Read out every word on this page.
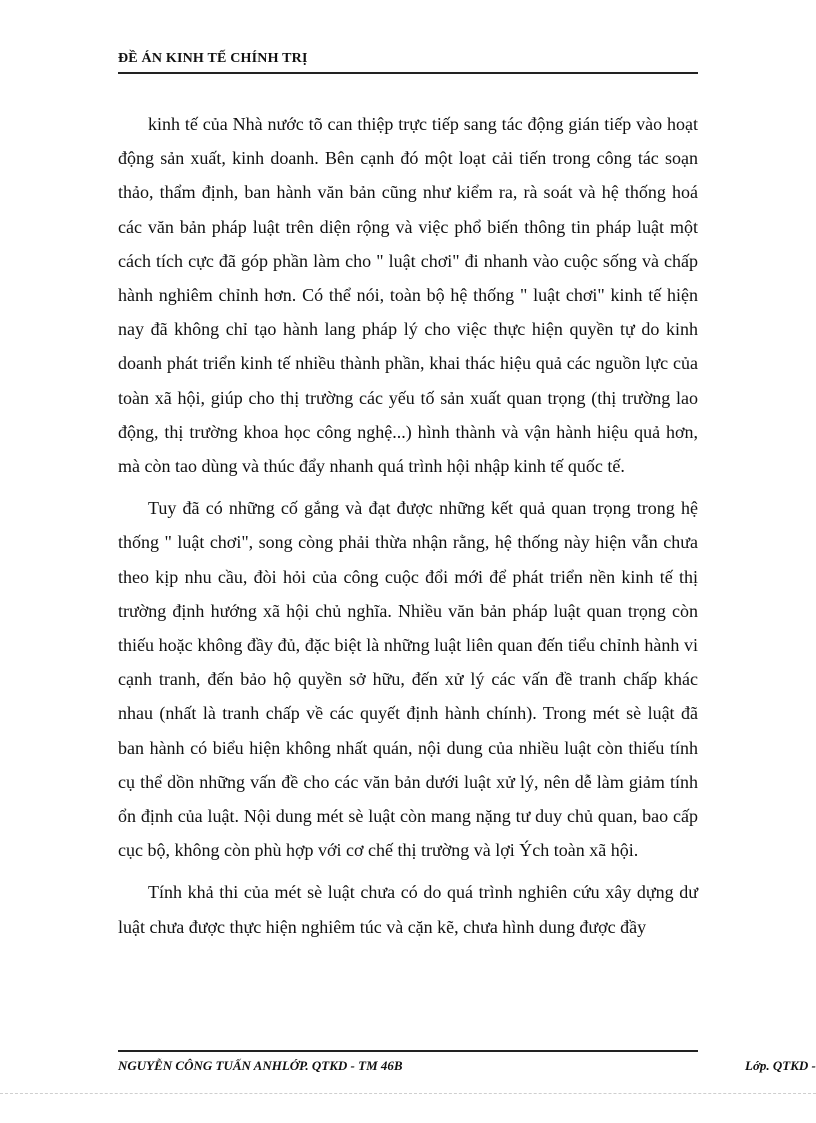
ĐỀ ÁN KINH TẾ CHÍNH TRỊ

kinh tế của Nhà nước tõ can thiệp trực tiếp sang tác động gián tiếp vào hoạt động sản xuất, kinh doanh. Bên cạnh đó một loạt cải tiến trong công tác soạn thảo, thẩm định, ban hành văn bản cũng như kiểm ra, rà soát và hệ thống hoá các văn bản pháp luật trên diện rộng và việc phổ biến thông tin pháp luật một cách tích cực đã góp phần làm cho " luật chơi" đi nhanh vào cuộc sống và chấp hành nghiêm chỉnh hơn. Có thể nói, toàn bộ hệ thống " luật chơi" kinh tế hiện nay đã không chỉ tạo hành lang pháp lý cho việc thực hiện quyền tự do kinh doanh phát triển kinh tế nhiều thành phần, khai thác hiệu quả các nguồn lực của toàn xã hội, giúp cho thị trường các yếu tố sản xuất quan trọng (thị trường lao động, thị trường khoa học công nghệ...) hình thành và vận hành hiệu quả hơn, mà còn tao dùng và thúc đẩy nhanh quá trình hội nhập kinh tế quốc tế.

Tuy đã có những cố gắng và đạt được những kết quả quan trọng trong hệ thống " luật chơi", song còng phải thừa nhận rằng, hệ thống này hiện vẫn chưa theo kịp nhu cầu, đòi hỏi của công cuộc đổi mới để phát triển nền kinh tế thị trường định hướng xã hội chủ nghĩa. Nhiều văn bản pháp luật quan trọng còn thiếu hoặc không đầy đủ, đặc biệt là những luật liên quan đến tiểu chỉnh hành vi cạnh tranh, đến bảo hộ quyền sở hữu, đến xử lý các vấn đề tranh chấp khác nhau (nhất là tranh chấp về các quyết định hành chính). Trong mét sè luật đã ban hành có biểu hiện không nhất quán, nội dung của nhiều luật còn thiếu tính cụ thể dồn những vấn đề cho các văn bản dưới luật xử lý, nên dễ làm giảm tính ổn định của luật. Nội dung mét sè luật còn mang nặng tư duy chủ quan, bao cấp cục bộ, không còn phù hợp với cơ chế thị trường và lợi Ých toàn xã hội.

Tính khả thi của mét sè luật chưa có do quá trình nghiên cứu xây dựng dư luật chưa được thực hiện nghiêm túc và cặn kẽ, chưa hình dung được đầy

NGUYỄN CÔNG TUẤN ANHLỚP. QTKD - TM 46B	Lớp. QTKD -
